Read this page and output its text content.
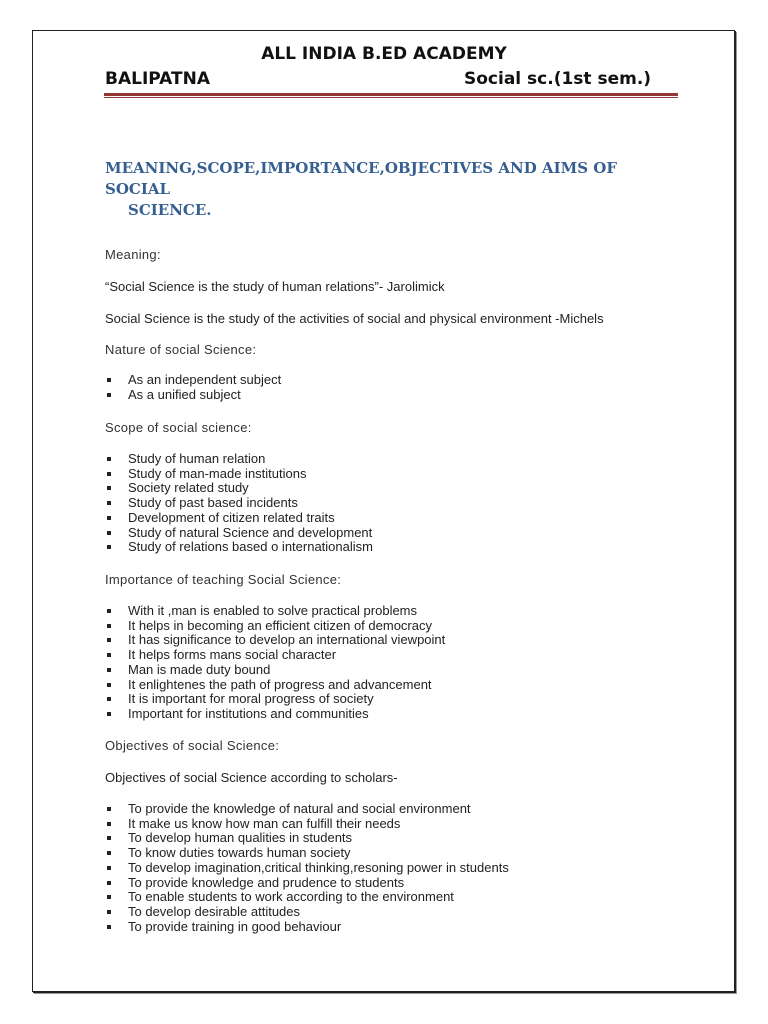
ALL INDIA B.ED ACADEMY
BALIPATNA	Social sc.(1st sem.)
MEANING,SCOPE,IMPORTANCE,OBJECTIVES AND AIMS OF SOCIAL
SCIENCE.
Meaning:
“Social Science is the study of human relations”- Jarolimick
Social Science is the study of the activities of social and physical environment -Michels
Nature of social Science:
As an independent subject
As a unified subject
Scope of social science:
Study of human relation
Study of man-made institutions
Society related study
Study of past based incidents
Development of citizen related traits
Study of natural Science and development
Study of relations based o internationalism
Importance of teaching Social Science:
With it ,man is enabled to solve practical problems
It helps in becoming an efficient citizen of democracy
It has significance to develop an international viewpoint
It helps forms mans social character
Man is made duty bound
It enlightenes the path of progress and advancement
It is important for moral progress of society
Important for institutions and communities
Objectives of social Science:
Objectives of social Science according to scholars-
To provide the knowledge of natural and social environment
It make us know how man can fulfill their needs
To develop human qualities in students
To know duties towards human society
To develop imagination,critical thinking,resoning power in students
To provide knowledge and prudence to students
To enable students to work according to the environment
To develop desirable attitudes
To provide training in good behaviour
